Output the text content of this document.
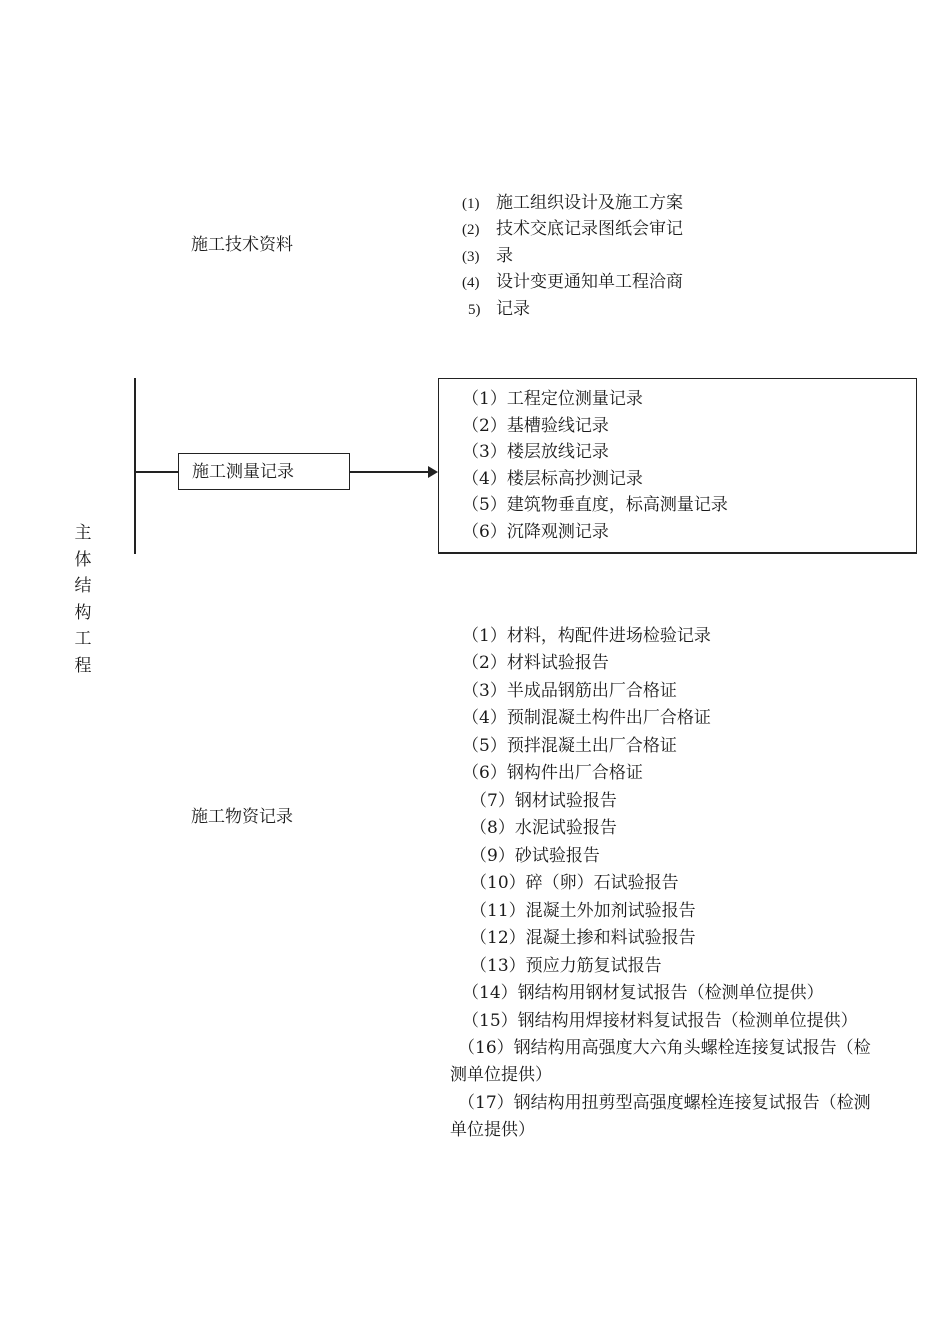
主
体
结
构
工
程
施工测量记录
施工技术资料
(1) 施工组织设计及施工方案
(2) 技术交底记录图纸会审记
(3) 录
(4) 设计变更通知单工程洽商
5) 记录
（1）工程定位测量记录
（2）基槽验线记录
（3）楼层放线记录
（4）楼层标高抄测记录
（5）建筑物垂直度，标高测量记录
（6）沉降观测记录
施工物资记录
（1）材料，构配件进场检验记录
（2）材料试验报告
（3）半成品钢筋出厂合格证
（4）预制混凝土构件出厂合格证
（5）预拌混凝土出厂合格证
（6）钢构件出厂合格证
（7）钢材试验报告
（8）水泥试验报告
（9）砂试验报告
（10）碎（卵）石试验报告
（11）混凝土外加剂试验报告
（12）混凝土掺和料试验报告
（13）预应力筋复试报告
（14）钢结构用钢材复试报告（检测单位提供）
（15）钢结构用焊接材料复试报告（检测单位提供）
（16）钢结构用高强度大六角头螺栓连接复试报告（检
测单位提供）
（17）钢结构用扭剪型高强度螺栓连接复试报告（检测
单位提供）
